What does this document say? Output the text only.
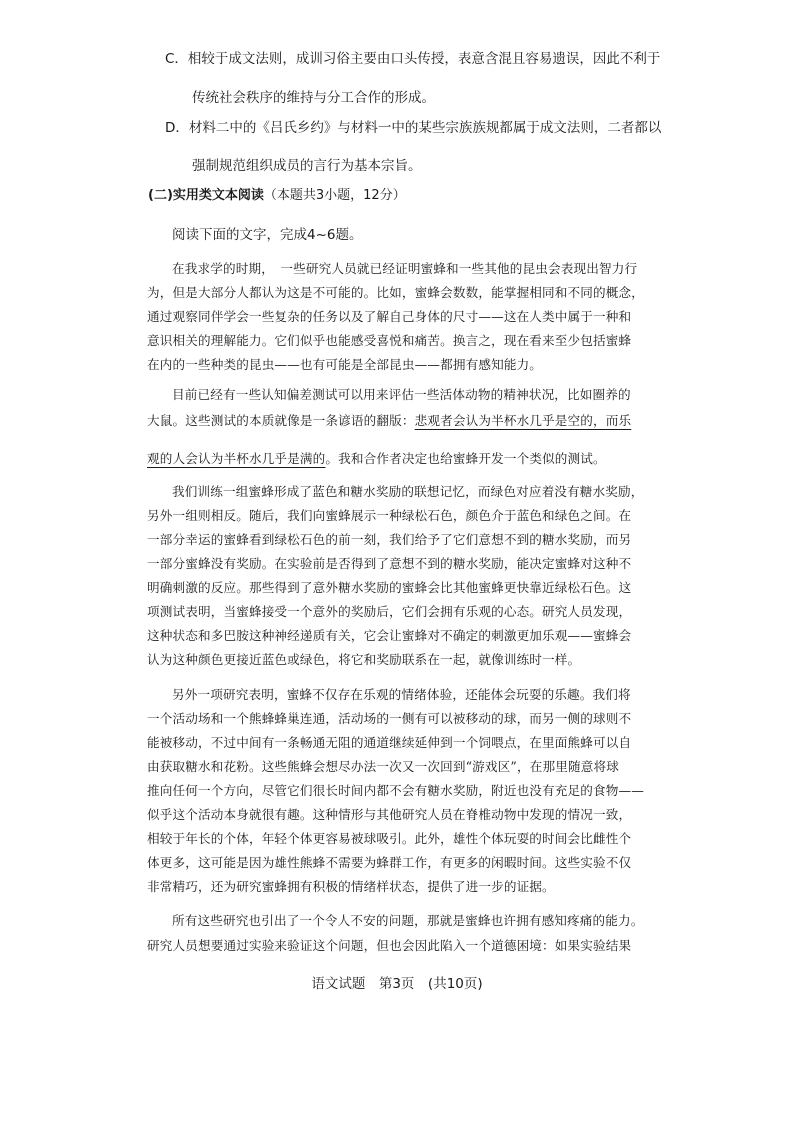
C．相较于成文法则，成训习俗主要由口头传授，表意含混且容易遗误，因此不利于
传统社会秩序的维持与分工合作的形成。
D．材料二中的《吕氏乡约》与材料一中的某些宗族族规都属于成文法则，二者都以
强制规范组织成员的言行为基本宗旨。
(二)实用类文本阅读（本题共3小题，12分）
阅读下面的文字，完成4~6题。
在我求学的时期，　一些研究人员就已经证明蜜蜂和一些其他的昆虫会表现出智力行
为，但是大部分人都认为这是不可能的。比如，蜜蜂会数数，能掌握相同和不同的概念，
通过观察同伴学会一些复杂的任务以及了解自己身体的尺寸——这在人类中属于一种和
意识相关的理解能力。它们似乎也能感受喜悦和痛苦。换言之，现在看来至少包括蜜蜂
在内的一些种类的昆虫——也有可能是全部昆虫——都拥有感知能力。
目前已经有一些认知偏差测试可以用来评估一些活体动物的精神状况，比如圈养的
大鼠。这些测试的本质就像是一条谚语的翻版：悲观者会认为半杯水几乎是空的，而乐
观的人会认为半杯水几乎是满的。我和合作者决定也给蜜蜂开发一个类似的测试。
我们训练一组蜜蜂形成了蓝色和糖水奖励的联想记忆，而绿色对应着没有糖水奖励，
另外一组则相反。随后，我们向蜜蜂展示一种绿松石色，颜色介于蓝色和绿色之间。在
一部分幸运的蜜蜂看到绿松石色的前一刻，我们给予了它们意想不到的糖水奖励，而另
一部分蜜蜂没有奖励。在实验前是否得到了意想不到的糖水奖励，能决定蜜蜂对这种不
明确刺激的反应。那些得到了意外糖水奖励的蜜蜂会比其他蜜蜂更快靠近绿松石色。这
项测试表明，当蜜蜂接受一个意外的奖励后，它们会拥有乐观的心态。研究人员发现，
这种状态和多巴胺这种神经递质有关，它会让蜜蜂对不确定的刺激更加乐观——蜜蜂会
认为这种颜色更接近蓝色或绿色，将它和奖励联系在一起，就像训练时一样。
另外一项研究表明，蜜蜂不仅存在乐观的情绪体验，还能体会玩耍的乐趣。我们将
一个活动场和一个熊蜂蜂巢连通，活动场的一侧有可以被移动的球，而另一侧的球则不
能被移动，不过中间有一条畅通无阻的通道继续延伸到一个饲喂点，在里面熊蜂可以自
由获取糖水和花粉。这些熊蜂会想尽办法一次又一次回到“游戏区”，在那里随意将球
推向任何一个方向，尽管它们很长时间内都不会有糖水奖励，附近也没有充足的食物——
似乎这个活动本身就很有趣。这种情形与其他研究人员在脊椎动物中发现的情况一致，
相较于年长的个体，年轻个体更容易被球吸引。此外，雄性个体玩耍的时间会比雌性个
体更多，这可能是因为雄性熊蜂不需要为蜂群工作，有更多的闲暇时间。这些实验不仅
非常精巧，还为研究蜜蜂拥有积极的情绪样状态，提供了进一步的证据。
所有这些研究也引出了一个令人不安的问题，那就是蜜蜂也许拥有感知疼痛的能力。
研究人员想要通过实验来验证这个问题，但也会因此陷入一个道德困境：如果实验结果
语文试题　第3页　(共10页)
